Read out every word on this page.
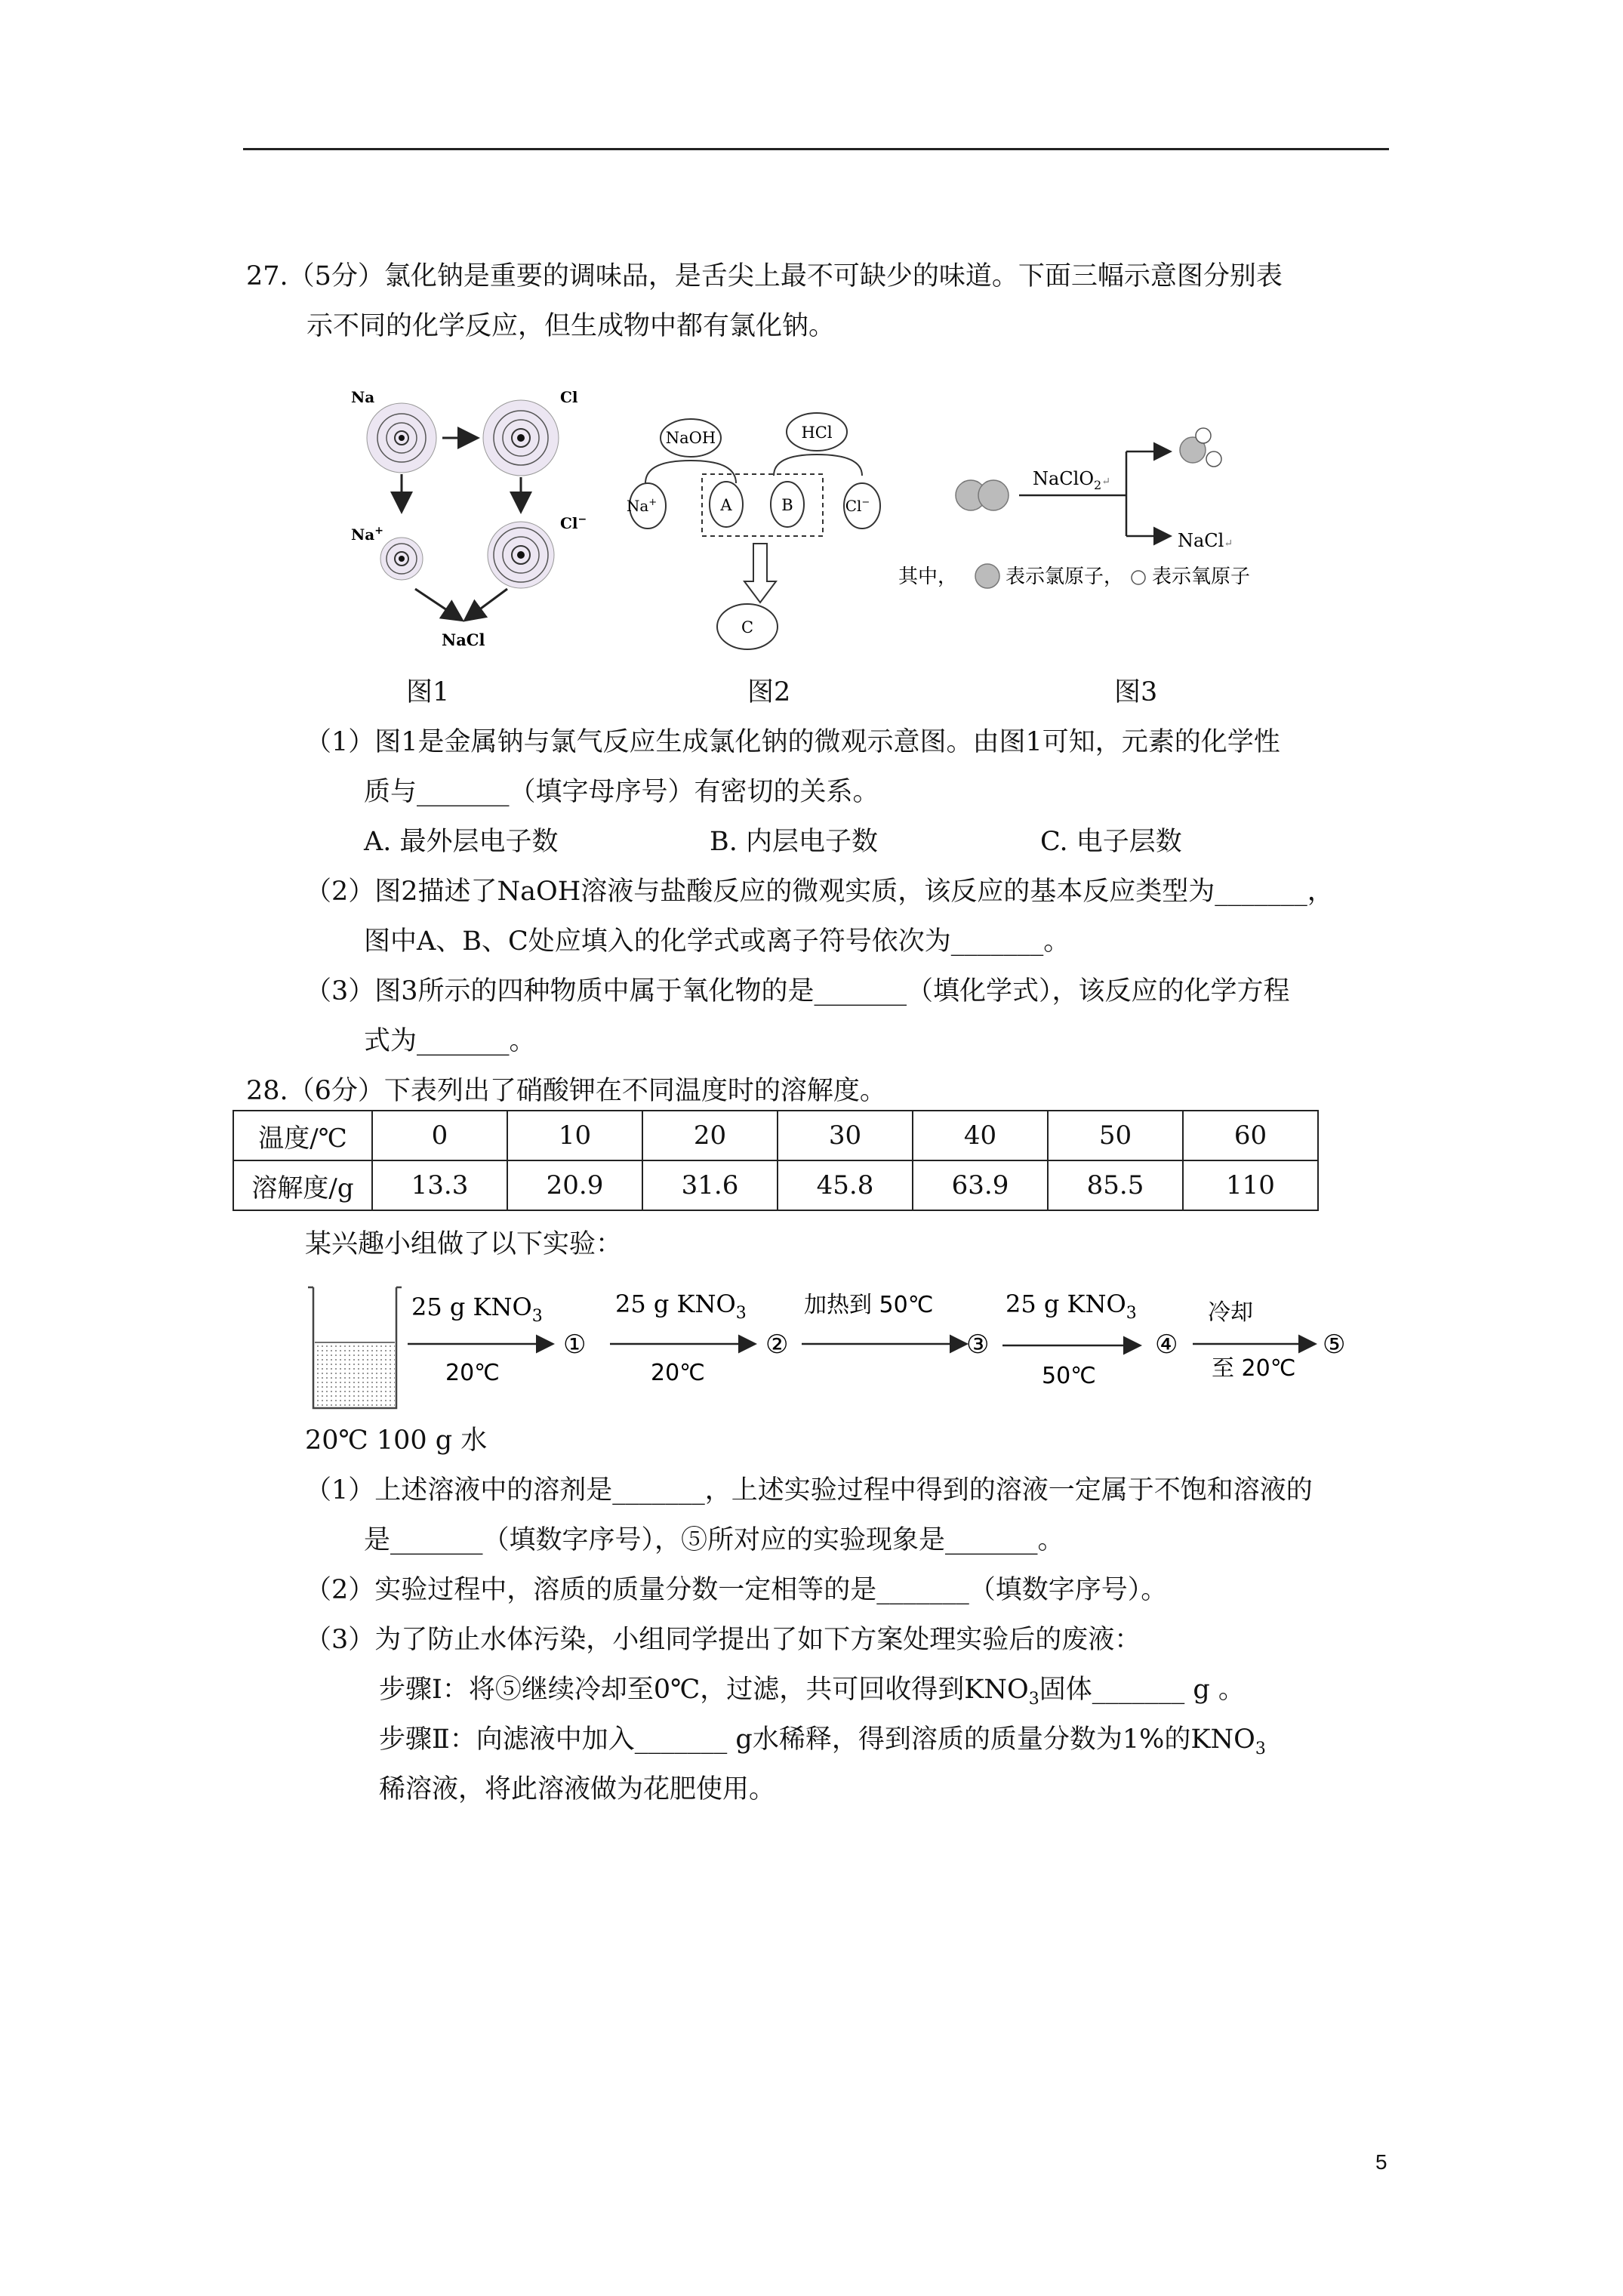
27.（5分）氯化钠是重要的调味品，是舌尖上最不可缺少的味道。下面三幅示意图分别表
示不同的化学反应，但生成物中都有氯化钠。
Na	Cl
Na+	Cl−
NaCl
图1
NaOH	HCl
Na+	A	B	Cl−
C
图2
NaClO$_2$↵
NaCl↵
其中， 表示氯原子， 表示氧原子
图3
（1）图1是金属钠与氯气反应生成氯化钠的微观示意图。由图1可知，元素的化学性
质与_______（填字母序号）有密切的关系。
A. 最外层电子数	B. 内层电子数	C. 电子层数
（2）图2描述了NaOH溶液与盐酸反应的微观实质，该反应的基本反应类型为_______，
图中A、B、C处应填入的化学式或离子符号依次为_______。
（3）图3所示的四种物质中属于氧化物的是_______（填化学式），该反应的化学方程
式为_______。
28.（6分）下表列出了硝酸钾在不同温度时的溶解度。
温度/℃	0	10	20	30	40	50	60
溶解度/g	13.3	20.9	31.6	45.8	63.9	85.5	110
某兴趣小组做了以下实验：
25 g $KNO_3$
20℃
①
25 g $KNO_3$
20℃
②
加热到 50℃
③
25 g $KNO_3$
50℃
④
冷却
至 20℃
⑤
20℃ 100 g 水
（1）上述溶液中的溶剂是_______，上述实验过程中得到的溶液一定属于不饱和溶液的
是_______（填数字序号），⑤所对应的实验现象是_______。
（2）实验过程中，溶质的质量分数一定相等的是_______（填数字序号）。
（3）为了防止水体污染，小组同学提出了如下方案处理实验后的废液：
步骤Ⅰ：将⑤继续冷却至0℃，过滤，共可回收得到$KNO_3$固体_______ g 。
步骤Ⅱ：向滤液中加入_______ g水稀释，得到溶质的质量分数为1%的$KNO_3$
稀溶液，将此溶液做为花肥使用。
5
